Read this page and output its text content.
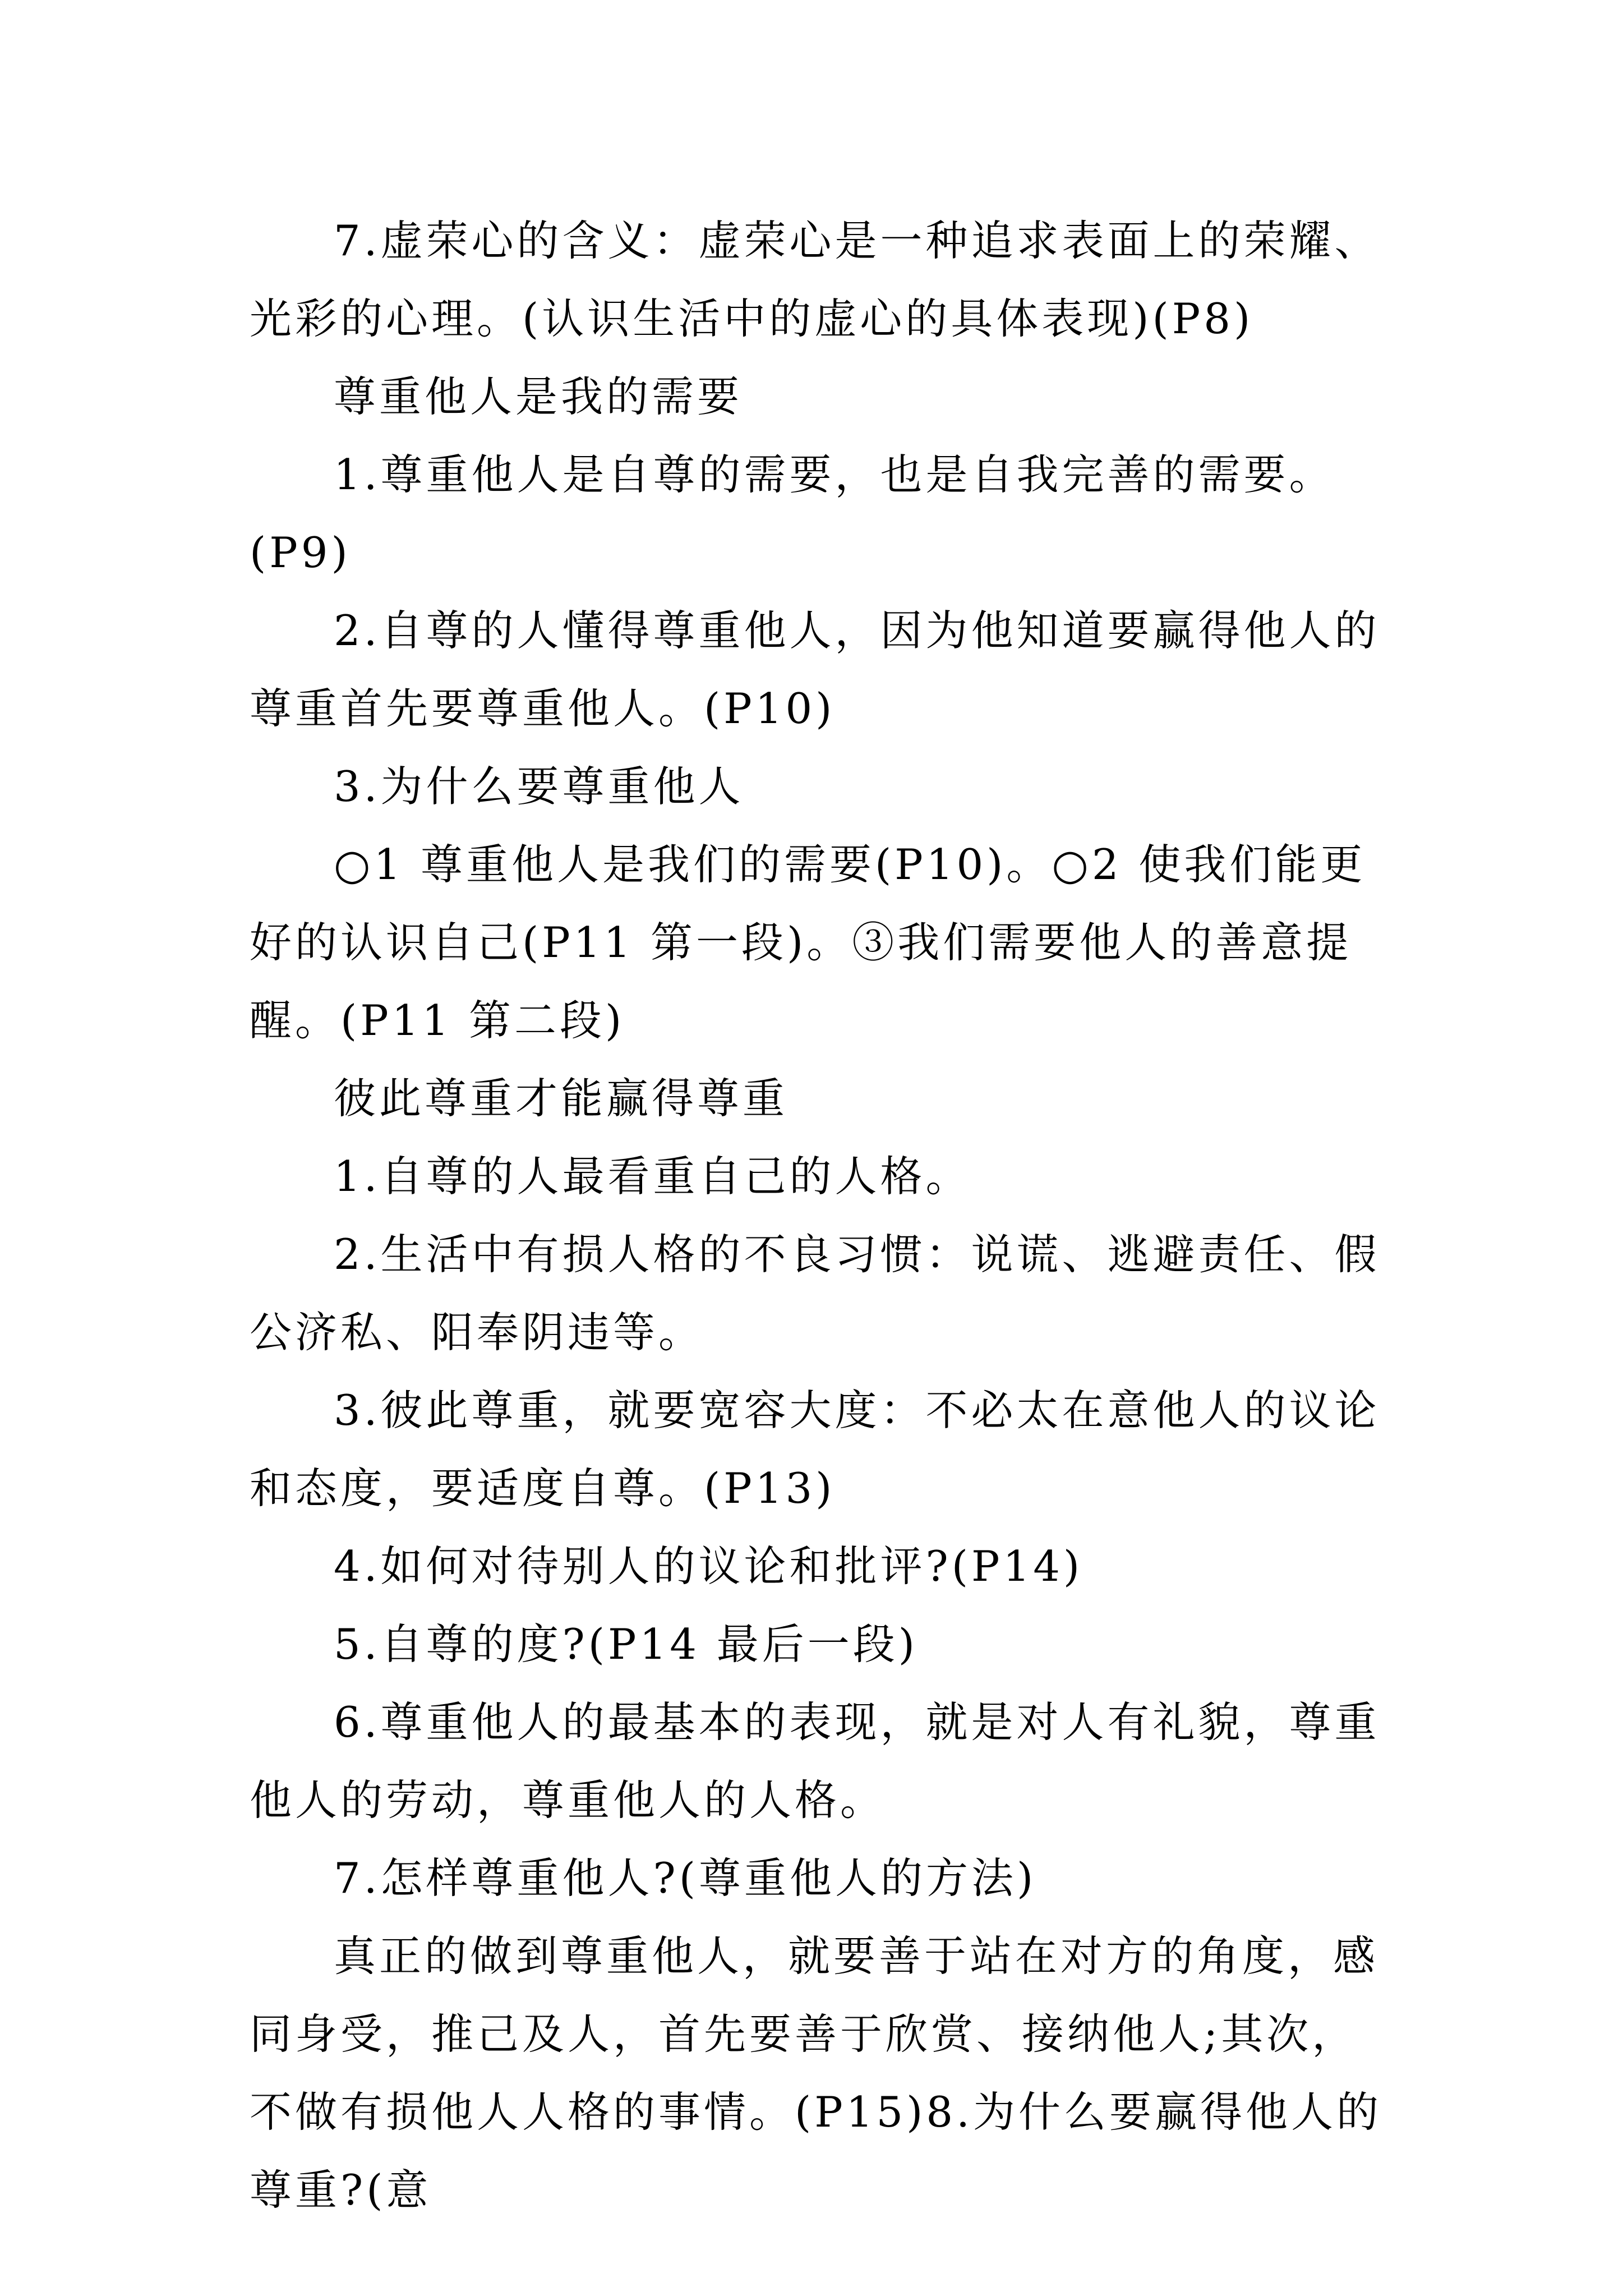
7.虚荣心的含义：虚荣心是一种追求表面上的荣耀、光彩的心理。(认识生活中的虚心的具体表现)(P8)

尊重他人是我的需要

1.尊重他人是自尊的需要，也是自我完善的需要。(P9)

2.自尊的人懂得尊重他人，因为他知道要赢得他人的尊重首先要尊重他人。(P10)

3.为什么要尊重他人

○1 尊重他人是我们的需要(P10)。○2 使我们能更好的认识自己(P11 第一段)。③我们需要他人的善意提醒。(P11 第二段)

彼此尊重才能赢得尊重

1.自尊的人最看重自己的人格。

2.生活中有损人格的不良习惯：说谎、逃避责任、假公济私、阳奉阴违等。

3.彼此尊重，就要宽容大度：不必太在意他人的议论和态度，要适度自尊。(P13)

4.如何对待别人的议论和批评?(P14)

5.自尊的度?(P14 最后一段)

6.尊重他人的最基本的表现，就是对人有礼貌，尊重他人的劳动，尊重他人的人格。

7.怎样尊重他人?(尊重他人的方法)

真正的做到尊重他人，就要善于站在对方的角度，感同身受，推己及人，首先要善于欣赏、接纳他人;其次，不做有损他人人格的事情。(P15)8.为什么要赢得他人的尊重?(意
